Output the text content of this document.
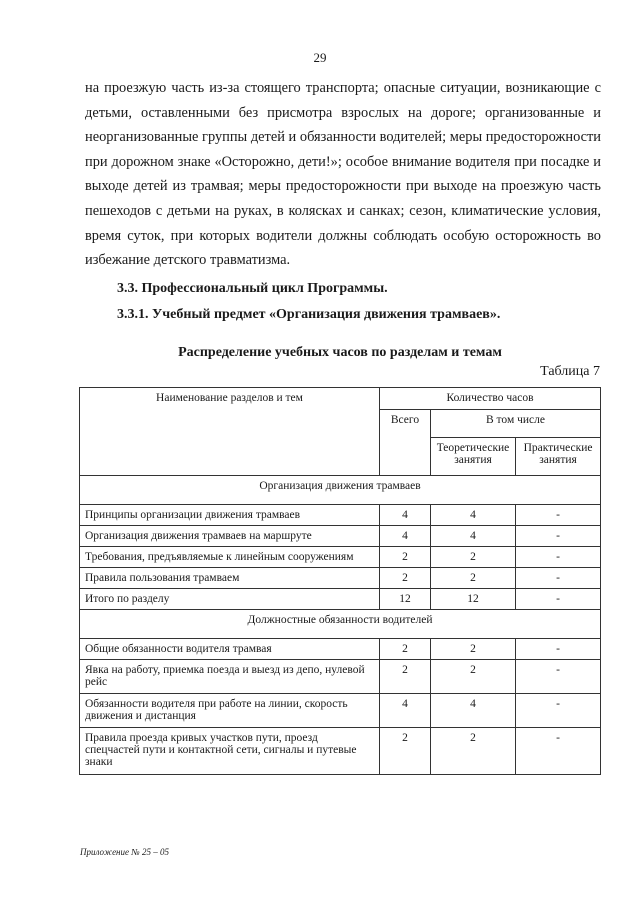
29

на проезжую часть из-за стоящего транспорта; опасные ситуации, возникающие с детьми, оставленными без присмотра взрослых на дороге; организованные и неорганизованные группы детей и обязанности водителей; меры предосторожности при дорожном знаке «Осторожно, дети!»; особое внимание водителя при посадке и выходе детей из трамвая; меры предосторожности при выходе на проезжую часть пешеходов с детьми на руках, в колясках и санках; сезон, климатические условия, время суток, при которых водители должны соблюдать особую осторожность во избежание детского травматизма.

3.3. Профессиональный цикл Программы.

3.3.1. Учебный предмет «Организация движения трамваев».

Распределение учебных часов по разделам и темам
Таблица 7
Наименование разделов и тем	Количество часов		
	Всего	В том числе	
		Теоретические занятия	Практические занятия
Организация движения трамваев			
Принципы организации движения трамваев	4	4	-
Организация движения трамваев на маршруте	4	4	-
Требования, предъявляемые к линейным сооружениям	2	2	-
Правила пользования трамваем	2	2	-
Итого по разделу	12	12	-
Должностные обязанности водителей			
Общие обязанности водителя трамвая	2	2	-
Явка на работу, приемка поезда и выезд из депо, нулевой рейс	2	2	-
Обязанности водителя при работе на линии, скорость движения и дистанция	4	4	-
Правила проезда кривых участков пути, проезд спецчастей пути и контактной сети, сигналы и путевые знаки	2	2	-
Приложение № 25 – 05
